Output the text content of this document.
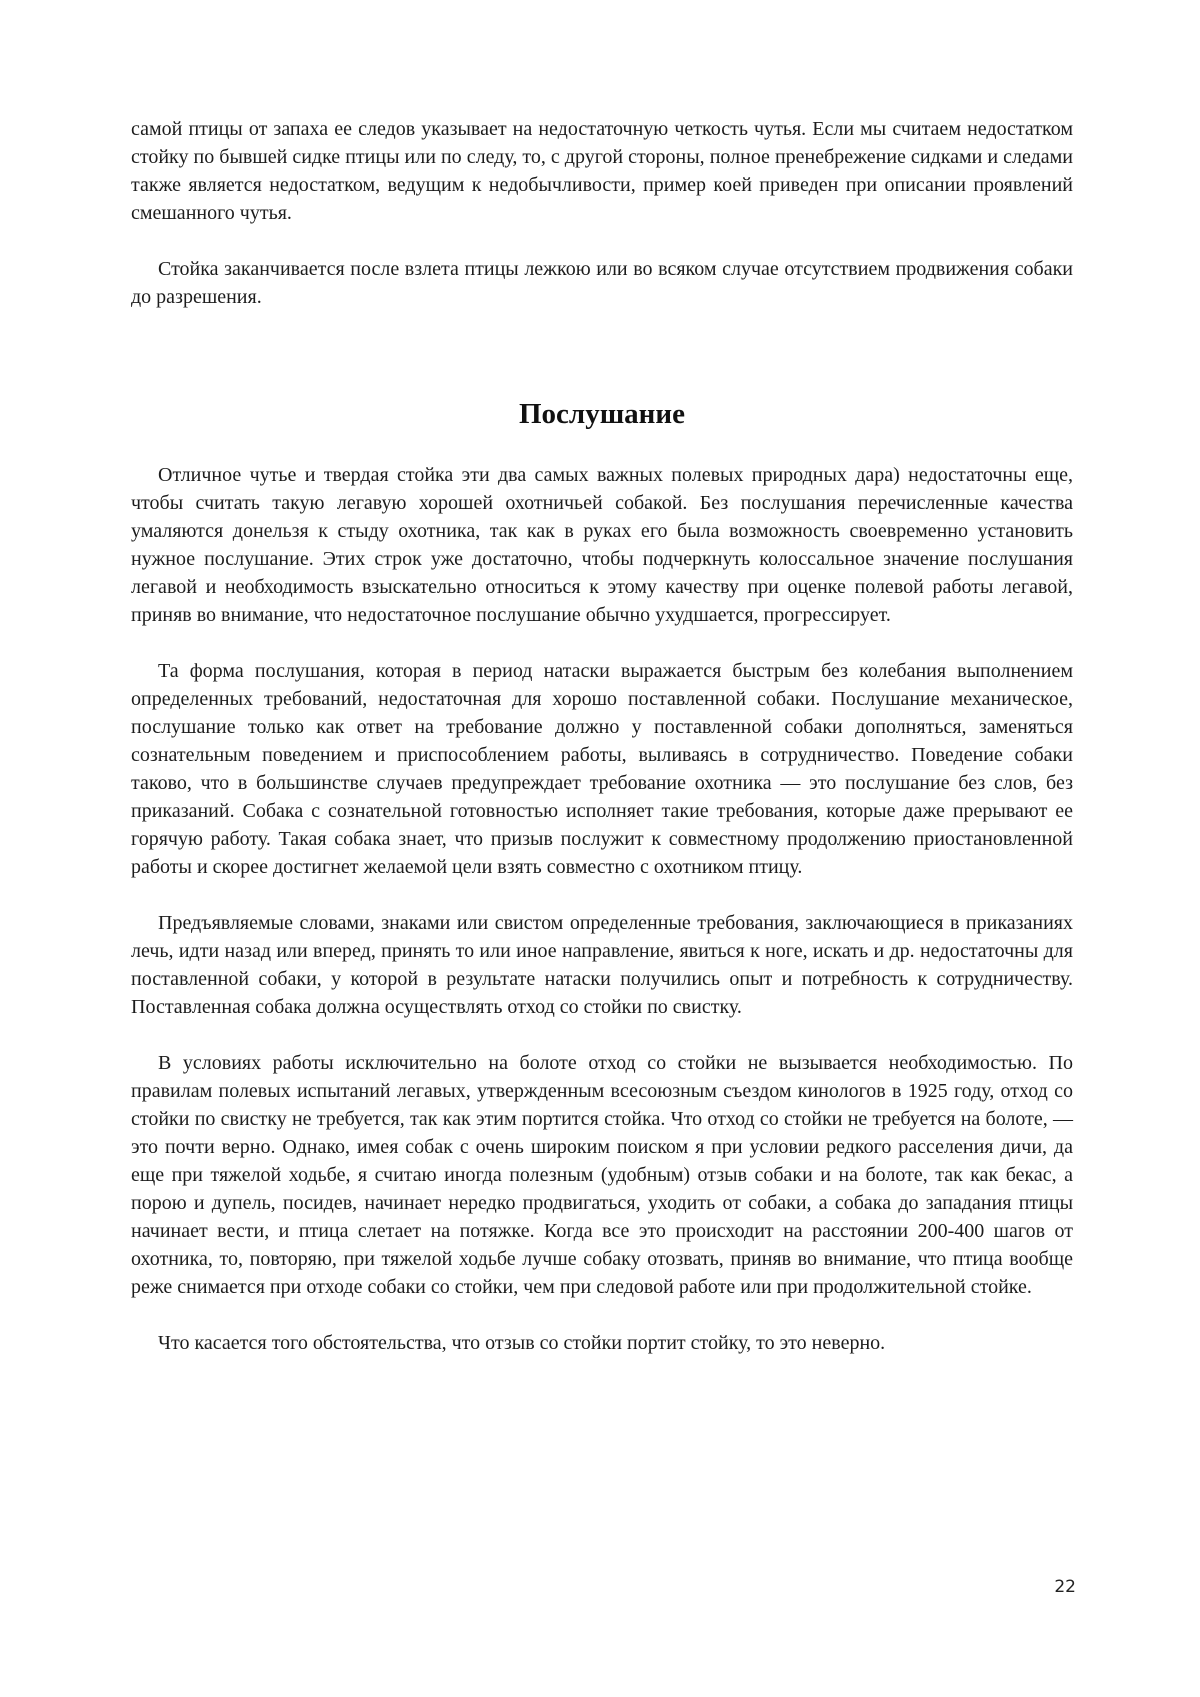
самой птицы от запаха ее следов указывает на недостаточную четкость чутья. Если мы считаем недостатком стойку по бывшей сидке птицы или по следу, то, с другой стороны, полное пренебрежение сидками и следами также является недостатком, ведущим к недобычливости, пример коей приведен при описании проявлений смешанного чутья.

Стойка заканчивается после взлета птицы лежкою или во всяком случае отсутствием продвижения собаки до разрешения.

Послушание

Отличное чутье и твердая стойка эти два самых важных полевых природных дара) недостаточны еще, чтобы считать такую легавую хорошей охотничьей собакой. Без послушания перечисленные качества умаляются донельзя к стыду охотника, так как в руках его была возможность своевременно установить нужное послушание. Этих строк уже достаточно, чтобы подчеркнуть колоссальное значение послушания легавой и необходимость взыскательно относиться к этому качеству при оценке полевой работы легавой, приняв во внимание, что недостаточное послушание обычно ухудшается, прогрессирует.

Та форма послушания, которая в период натаски выражается быстрым без колебания выполнением определенных требований, недостаточная для хорошо поставленной собаки. Послушание механическое, послушание только как ответ на требование должно у поставленной собаки дополняться, заменяться сознательным поведением и приспособлением работы, выливаясь в сотрудничество. Поведение собаки таково, что в большинстве случаев предупреждает требование охотника — это послушание без слов, без приказаний. Собака с сознательной готовностью исполняет такие требования, которые даже прерывают ее горячую работу. Такая собака знает, что призыв послужит к совместному продолжению приостановленной работы и скорее достигнет желаемой цели взять совместно с охотником птицу.

Предъявляемые словами, знаками или свистом определенные требования, заключающиеся в приказаниях лечь, идти назад или вперед, принять то или иное направление, явиться к ноге, искать и др. недостаточны для поставленной собаки, у которой в результате натаски получились опыт и потребность к сотрудничеству. Поставленная собака должна осуществлять отход со стойки по свистку.

В условиях работы исключительно на болоте отход со стойки не вызывается необходимостью. По правилам полевых испытаний легавых, утвержденным всесоюзным съездом кинологов в 1925 году, отход со стойки по свистку не требуется, так как этим портится стойка. Что отход со стойки не требуется на болоте, — это почти верно. Однако, имея собак с очень широким поиском я при условии редкого расселения дичи, да еще при тяжелой ходьбе, я считаю иногда полезным (удобным) отзыв собаки и на болоте, так как бекас, а порою и дупель, посидев, начинает нередко продвигаться, уходить от собаки, а собака до западания птицы начинает вести, и птица слетает на потяжке. Когда все это происходит на расстоянии 200-400 шагов от охотника, то, повторяю, при тяжелой ходьбе лучше собаку отозвать, приняв во внимание, что птица вообще реже снимается при отходе собаки со стойки, чем при следовой работе или при продолжительной стойке.

Что касается того обстоятельства, что отзыв со стойки портит стойку, то это неверно.

22
